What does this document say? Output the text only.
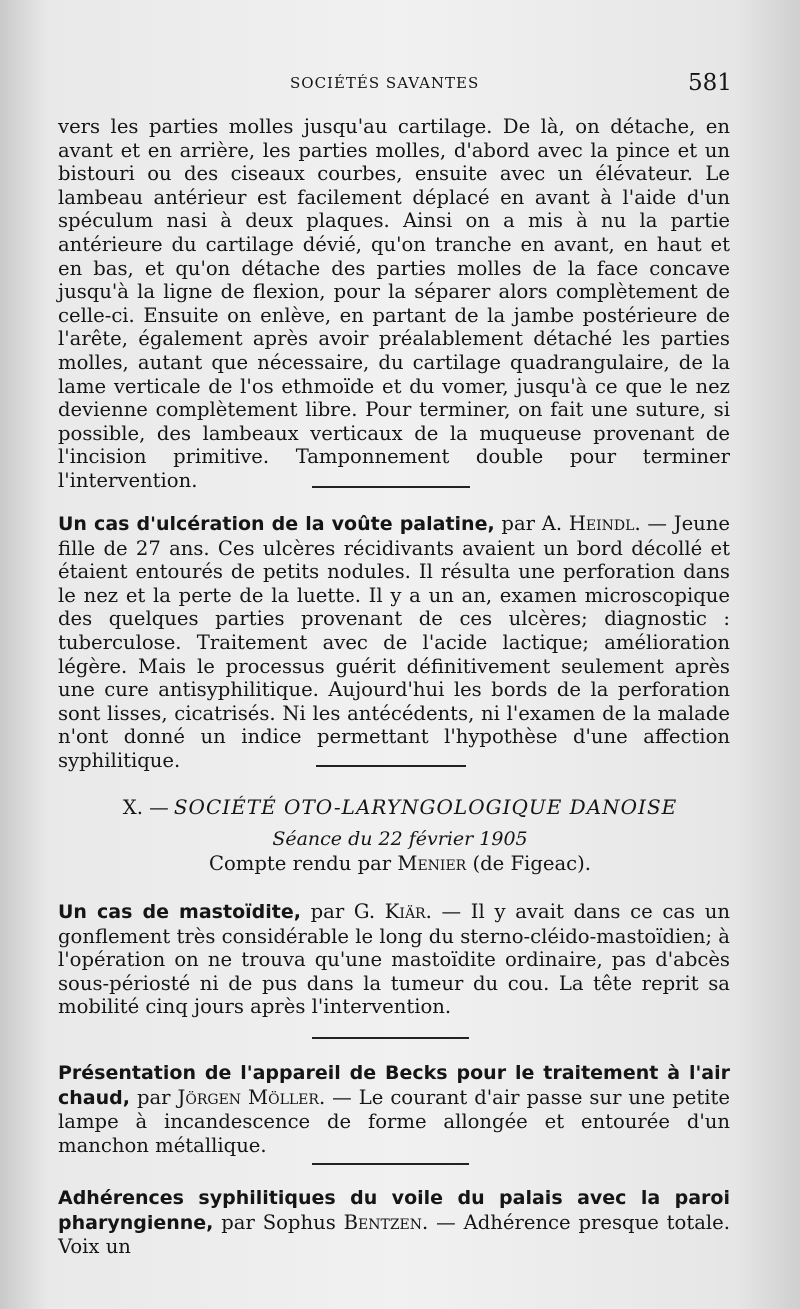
SOCIÉTÉS SAVANTES	581
vers les parties molles jusqu'au cartilage. De là, on détache, en avant et en arrière, les parties molles, d'abord avec la pince et un bistouri ou des ciseaux courbes, ensuite avec un élévateur. Le lambeau antérieur est facilement déplacé en avant à l'aide d'un spéculum nasi à deux plaques. Ainsi on a mis à nu la partie antérieure du cartilage dévié, qu'on tranche en avant, en haut et en bas, et qu'on détache des parties molles de la face concave jusqu'à la ligne de flexion, pour la séparer alors complètement de celle-ci. Ensuite on enlève, en partant de la jambe postérieure de l'arête, également après avoir préalablement détaché les parties molles, autant que nécessaire, du cartilage quadrangulaire, de la lame verticale de l'os ethmoïde et du vomer, jusqu'à ce que le nez devienne complètement libre. Pour terminer, on fait une suture, si possible, des lambeaux verticaux de la muqueuse provenant de l'incision primitive. Tamponnement double pour terminer l'intervention.
Un cas d'ulcération de la voûte palatine, par A. Heindl. — Jeune fille de 27 ans. Ces ulcères récidivants avaient un bord décollé et étaient entourés de petits nodules. Il résulta une perforation dans le nez et la perte de la luette. Il y a un an, examen microscopique des quelques parties provenant de ces ulcères; diagnostic : tuberculose. Traitement avec de l'acide lactique; amélioration légère. Mais le processus guérit définitivement seulement après une cure antisyphilitique. Aujourd'hui les bords de la perforation sont lisses, cicatrisés. Ni les antécédents, ni l'examen de la malade n'ont donné un indice permettant l'hypothèse d'une affection syphilitique.
X. — SOCIÉTÉ OTO-LARYNGOLOGIQUE DANOISE
Séance du 22 février 1905
Compte rendu par Menier (de Figeac).
Un cas de mastoïdite, par G. Kiär. — Il y avait dans ce cas un gonflement très considérable le long du sterno-cléido-mastoïdien; à l'opération on ne trouva qu'une mastoïdite ordinaire, pas d'abcès sous-périosté ni de pus dans la tumeur du cou. La tête reprit sa mobilité cinq jours après l'intervention.
Présentation de l'appareil de Becks pour le traitement à l'air chaud, par Jörgen Möller. — Le courant d'air passe sur une petite lampe à incandescence de forme allongée et entourée d'un manchon métallique.
Adhérences syphilitiques du voile du palais avec la paroi pharyngienne, par Sophus Bentzen. — Adhérence presque totale. Voix un
